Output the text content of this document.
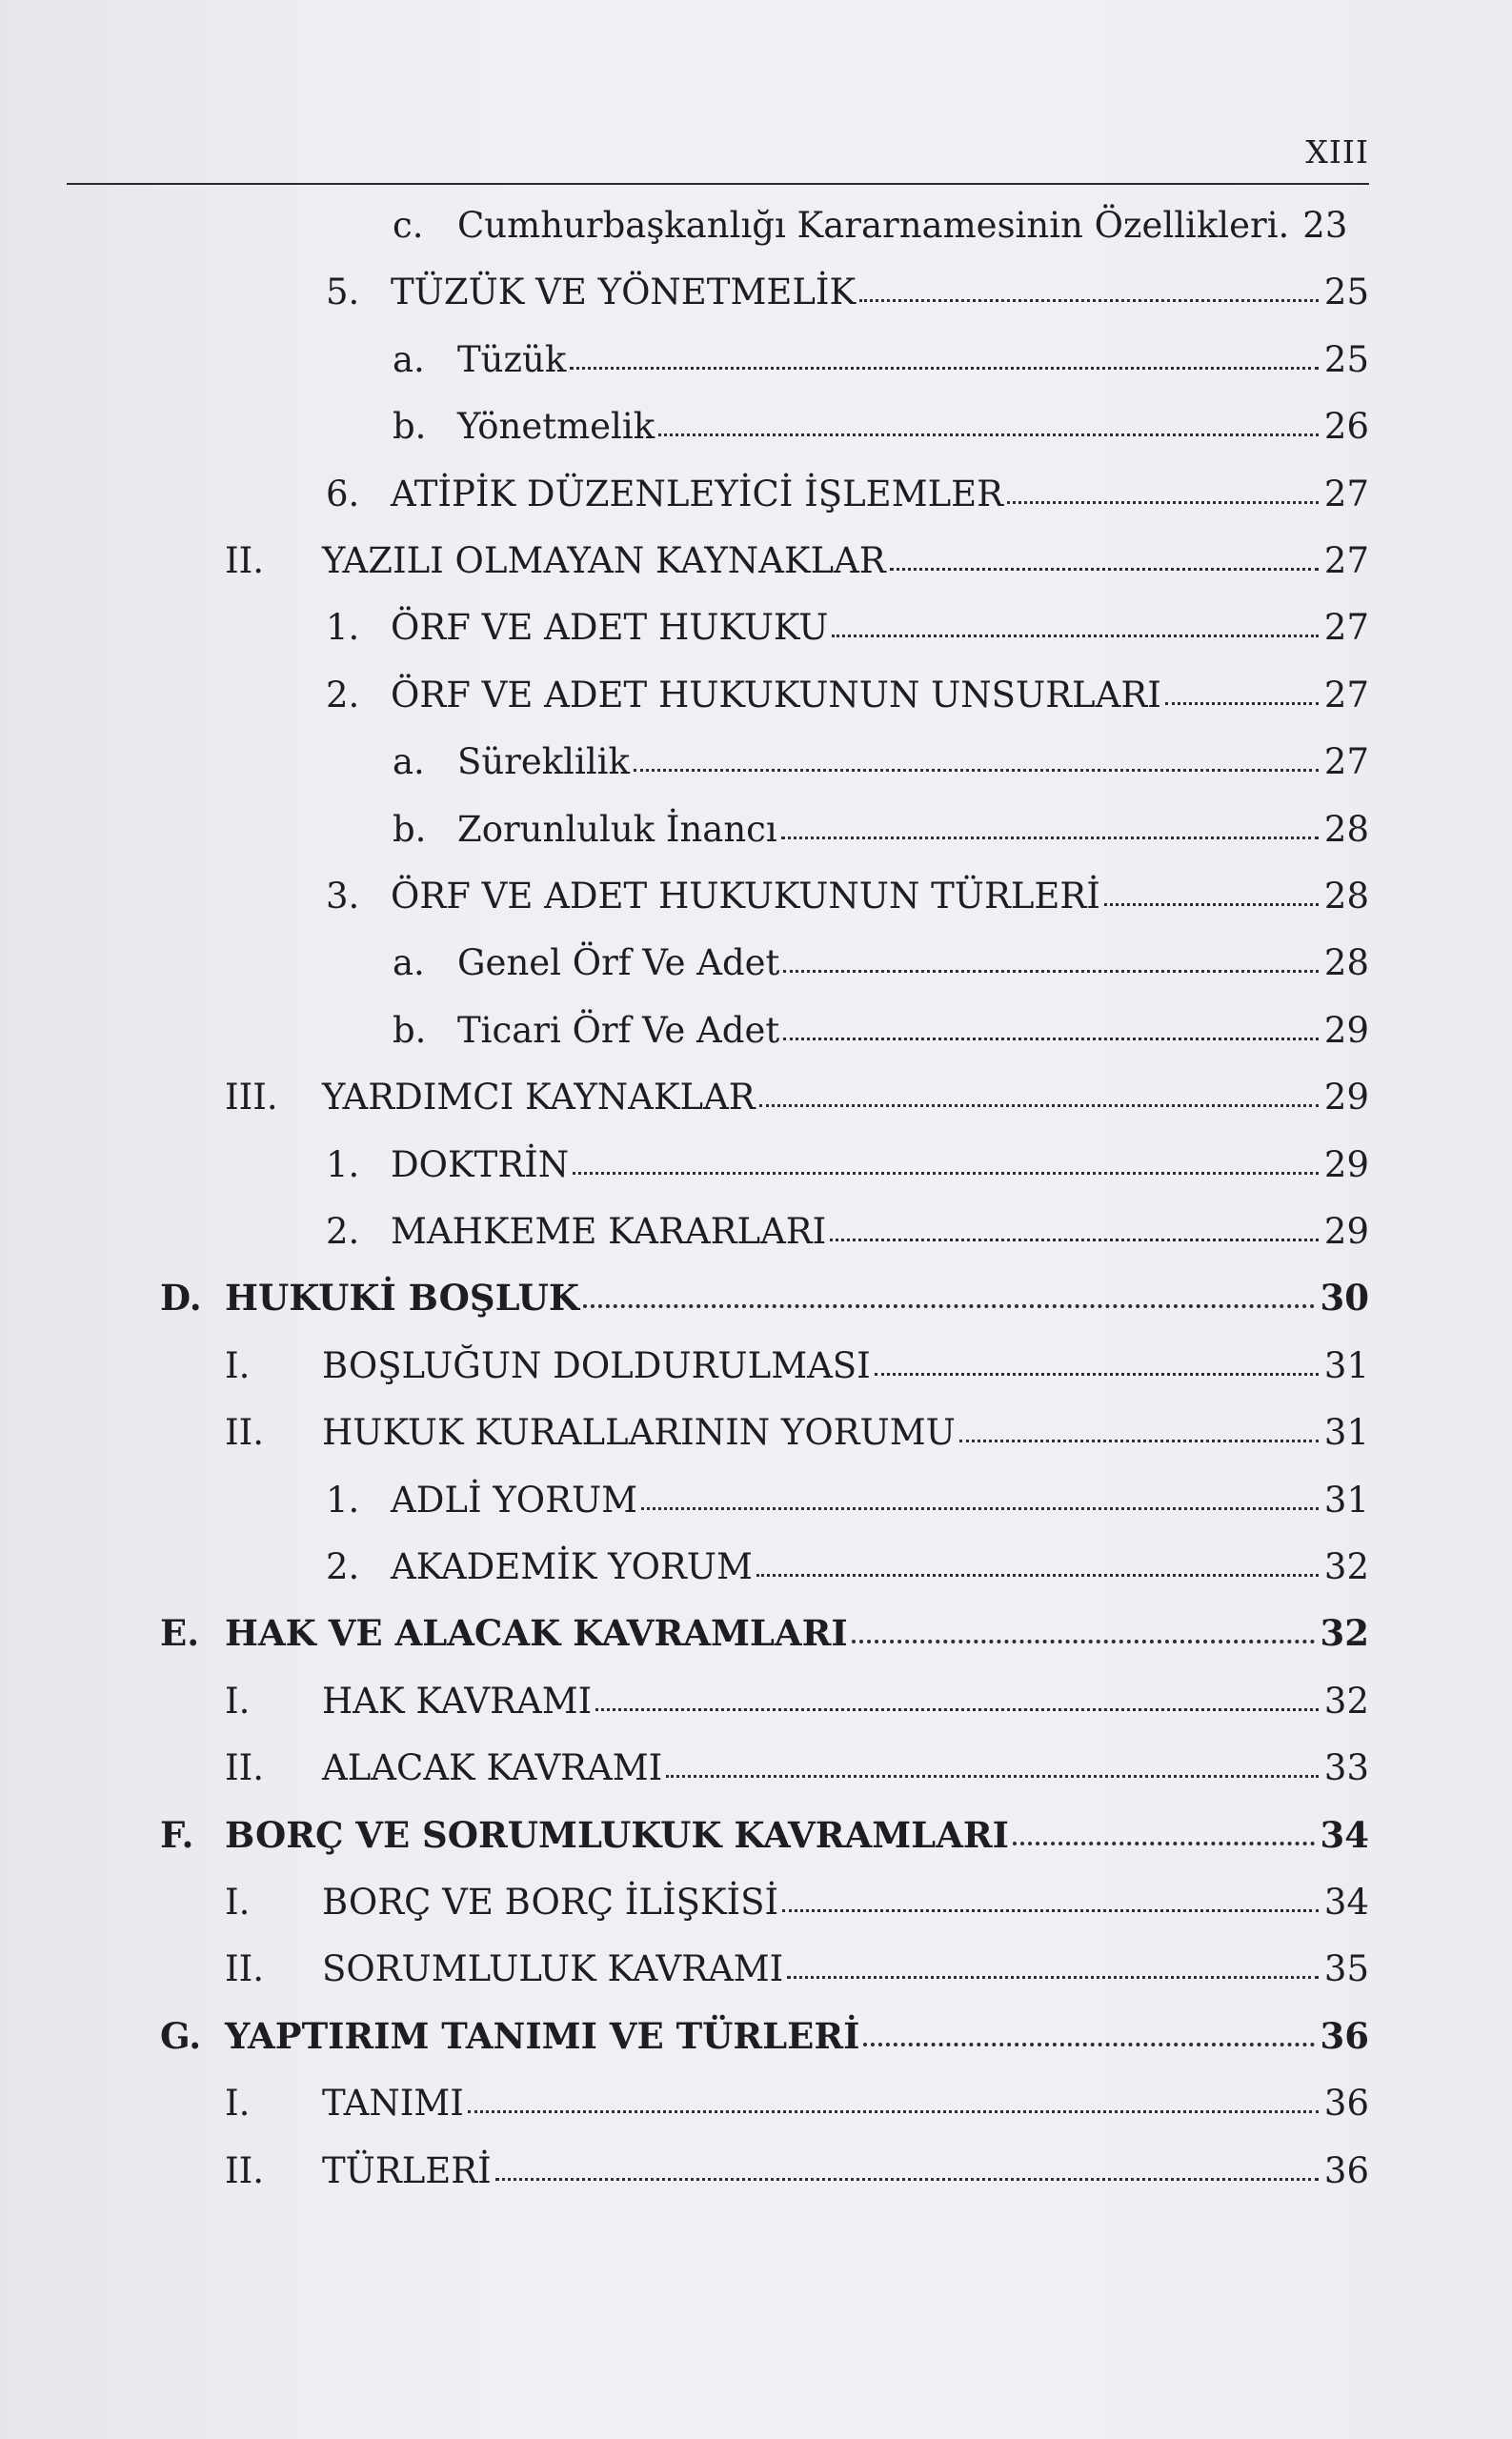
XIII
c. Cumhurbaşkanlığı Kararnamesinin Özellikleri. 23
5. TÜZÜK VE YÖNETMELİK	25
a. Tüzük	25
b. Yönetmelik	26
6. ATİPİK DÜZENLEYİCİ İŞLEMLER	27
II. YAZILI OLMAYAN KAYNAKLAR	27
1. ÖRF VE ADET HUKUKU	27
2. ÖRF VE ADET HUKUKUNUN UNSURLARI	27
a. Süreklilik	27
b. Zorunluluk İnancı	28
3. ÖRF VE ADET HUKUKUNUN TÜRLERİ	28
a. Genel Örf Ve Adet	28
b. Ticari Örf Ve Adet	29
III. YARDIMCI KAYNAKLAR	29
1. DOKTRİN	29
2. MAHKEME KARARLARI	29
D. HUKUKİ BOŞLUK	30
I. BOŞLUĞUN DOLDURULMASI	31
II. HUKUK KURALLARININ YORUMU	31
1. ADLİ YORUM	31
2. AKADEMİK YORUM	32
E. HAK VE ALACAK KAVRAMLARI	32
I. HAK KAVRAMI	32
II. ALACAK KAVRAMI	33
F. BORÇ VE SORUMLUKUK KAVRAMLARI	34
I. BORÇ VE BORÇ İLİŞKİSİ	34
II. SORUMLULUK KAVRAMI	35
G. YAPTIRIM TANIMI VE TÜRLERİ	36
I. TANIMI	36
II. TÜRLERİ	36
